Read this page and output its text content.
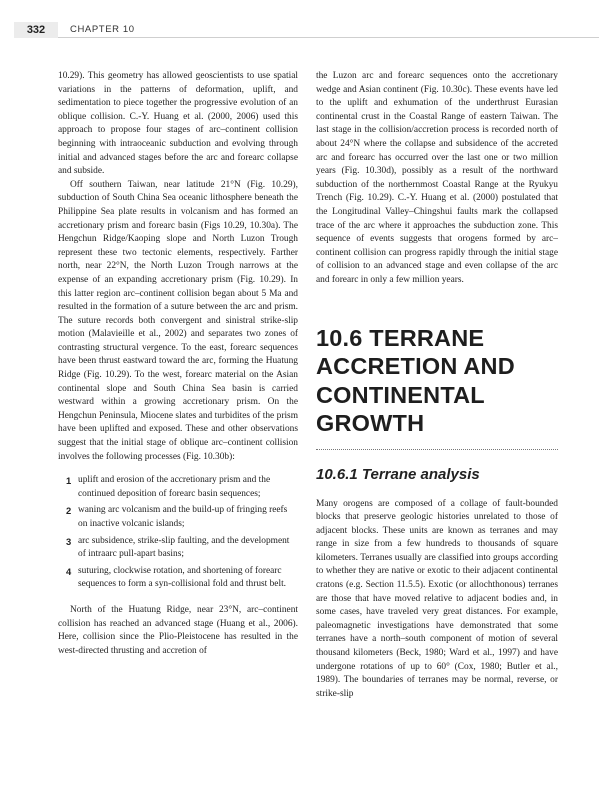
332	CHAPTER 10

10.29). This geometry has allowed geoscientists to use spatial variations in the patterns of deformation, uplift, and sedimentation to piece together the progressive evolution of an oblique collision. C.-Y. Huang et al. (2000, 2006) used this approach to propose four stages of arc–continent collision beginning with intraoceanic subduction and evolving through initial and advanced stages before the arc and forearc collapse and subside.

Off southern Taiwan, near latitude 21°N (Fig. 10.29), subduction of South China Sea oceanic lithosphere beneath the Philippine Sea plate results in volcanism and has formed an accretionary prism and forearc basin (Figs 10.29, 10.30a). The Hengchun Ridge/Kaoping slope and North Luzon Trough represent these two tectonic elements, respectively. Farther north, near 22°N, the North Luzon Trough narrows at the expense of an expanding accretionary prism (Fig. 10.29). In this latter region arc–continent collision began about 5 Ma and resulted in the formation of a suture between the arc and prism. The suture records both convergent and sinistral strike-slip motion (Malavieille et al., 2002) and separates two zones of contrasting structural vergence. To the east, forearc sequences have been thrust eastward toward the arc, forming the Huatung Ridge (Fig. 10.29). To the west, forearc material on the Asian continental slope and South China Sea basin is carried westward within a growing accretionary prism. On the Hengchun Peninsula, Miocene slates and turbidites of the prism have been uplifted and exposed. These and other observations suggest that the initial stage of oblique arc–continent collision involves the following processes (Fig. 10.30b):

1 uplift and erosion of the accretionary prism and the continued deposition of forearc basin sequences;
2 waning arc volcanism and the build-up of fringing reefs on inactive volcanic islands;
3 arc subsidence, strike-slip faulting, and the development of intraarc pull-apart basins;
4 suturing, clockwise rotation, and shortening of forearc sequences to form a syn-collisional fold and thrust belt.

North of the Huatung Ridge, near 23°N, arc–continent collision has reached an advanced stage (Huang et al., 2006). Here, collision since the Plio-Pleistocene has resulted in the west-directed thrusting and accretion of

the Luzon arc and forearc sequences onto the accretionary wedge and Asian continent (Fig. 10.30c). These events have led to the uplift and exhumation of the underthrust Eurasian continental crust in the Coastal Range of eastern Taiwan. The last stage in the collision/accretion process is recorded north of about 24°N where the collapse and subsidence of the accreted arc and forearc has occurred over the last one or two million years (Fig. 10.30d), possibly as a result of the northward subduction of the northernmost Coastal Range at the Ryukyu Trench (Fig. 10.29). C.-Y. Huang et al. (2000) postulated that the Longitudinal Valley–Chingshui faults mark the collapsed trace of the arc where it approaches the subduction zone. This sequence of events suggests that orogens formed by arc–continent collision can progress rapidly through the initial stage of collision to an advanced stage and even collapse of the arc and forearc in only a few million years.

10.6 TERRANE ACCRETION AND CONTINENTAL GROWTH
10.6.1 Terrane analysis

Many orogens are composed of a collage of fault-bounded blocks that preserve geologic histories unrelated to those of adjacent blocks. These units are known as terranes and may range in size from a few hundreds to thousands of square kilometers. Terranes usually are classified into groups according to whether they are native or exotic to their adjacent continental cratons (e.g. Section 11.5.5). Exotic (or allochthonous) terranes are those that have moved relative to adjacent bodies and, in some cases, have traveled very great distances. For example, paleomagnetic investigations have demonstrated that some terranes have a north–south component of motion of several thousand kilometers (Beck, 1980; Ward et al., 1997) and have undergone rotations of up to 60° (Cox, 1980; Butler et al., 1989). The boundaries of terranes may be normal, reverse, or strike-slip
